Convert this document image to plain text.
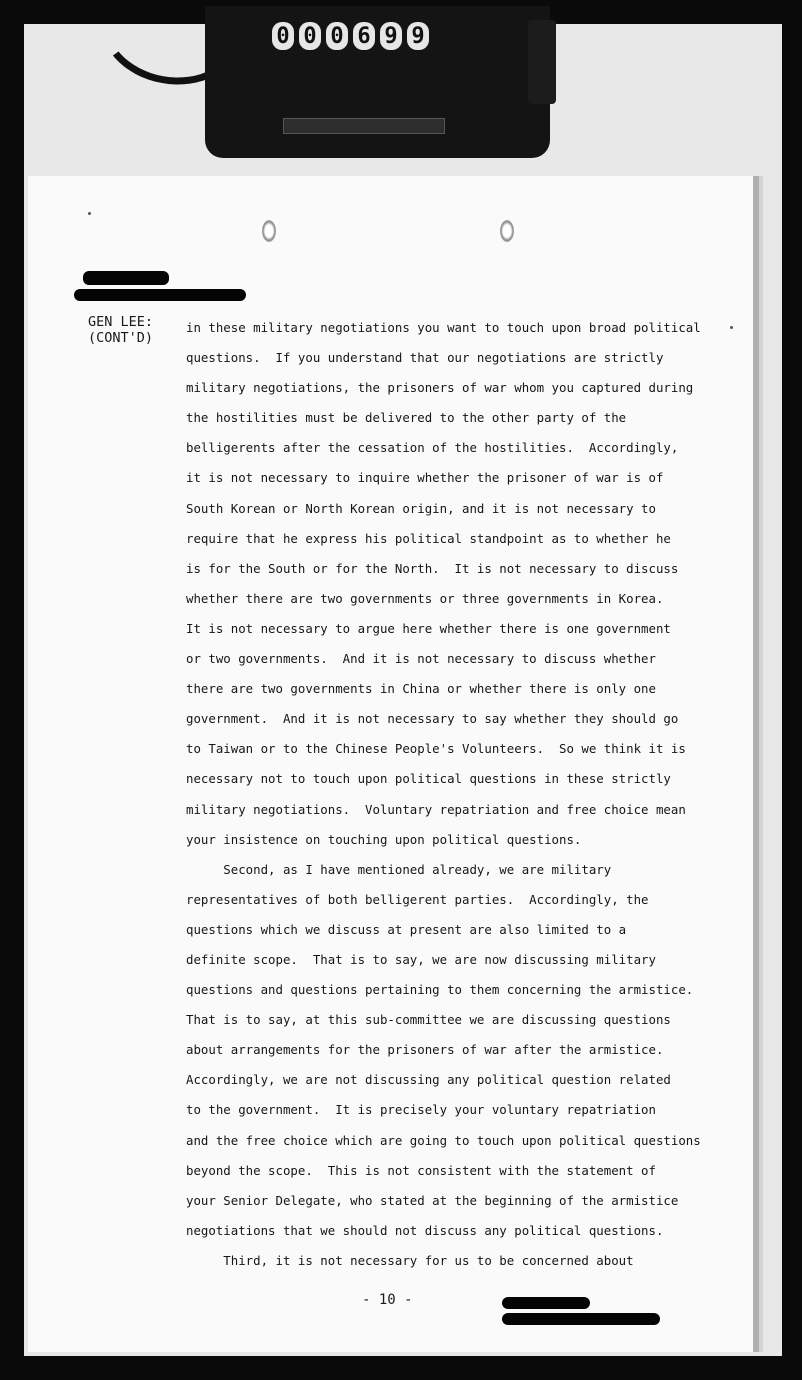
0 0 0 6 9 9
GEN LEE:
(CONT'D)
in these military negotiations you want to touch upon broad political
questions.  If you understand that our negotiations are strictly
military negotiations, the prisoners of war whom you captured during
the hostilities must be delivered to the other party of the
belligerents after the cessation of the hostilities.  Accordingly,
it is not necessary to inquire whether the prisoner of war is of
South Korean or North Korean origin, and it is not necessary to
require that he express his political standpoint as to whether he
is for the South or for the North.  It is not necessary to discuss
whether there are two governments or three governments in Korea.
It is not necessary to argue here whether there is one government
or two governments.  And it is not necessary to discuss whether
there are two governments in China or whether there is only one
government.  And it is not necessary to say whether they should go
to Taiwan or to the Chinese People's Volunteers.  So we think it is
necessary not to touch upon political questions in these strictly
military negotiations.  Voluntary repatriation and free choice mean
your insistence on touching upon political questions.
Second, as I have mentioned already, we are military
representatives of both belligerent parties.  Accordingly, the
questions which we discuss at present are also limited to a
definite scope.  That is to say, we are now discussing military
questions and questions pertaining to them concerning the armistice.
That is to say, at this sub-committee we are discussing questions
about arrangements for the prisoners of war after the armistice.
Accordingly, we are not discussing any political question related
to the government.  It is precisely your voluntary repatriation
and the free choice which are going to touch upon political questions
beyond the scope.  This is not consistent with the statement of
your Senior Delegate, who stated at the beginning of the armistice
negotiations that we should not discuss any political questions.
Third, it is not necessary for us to be concerned about
- 10 -
